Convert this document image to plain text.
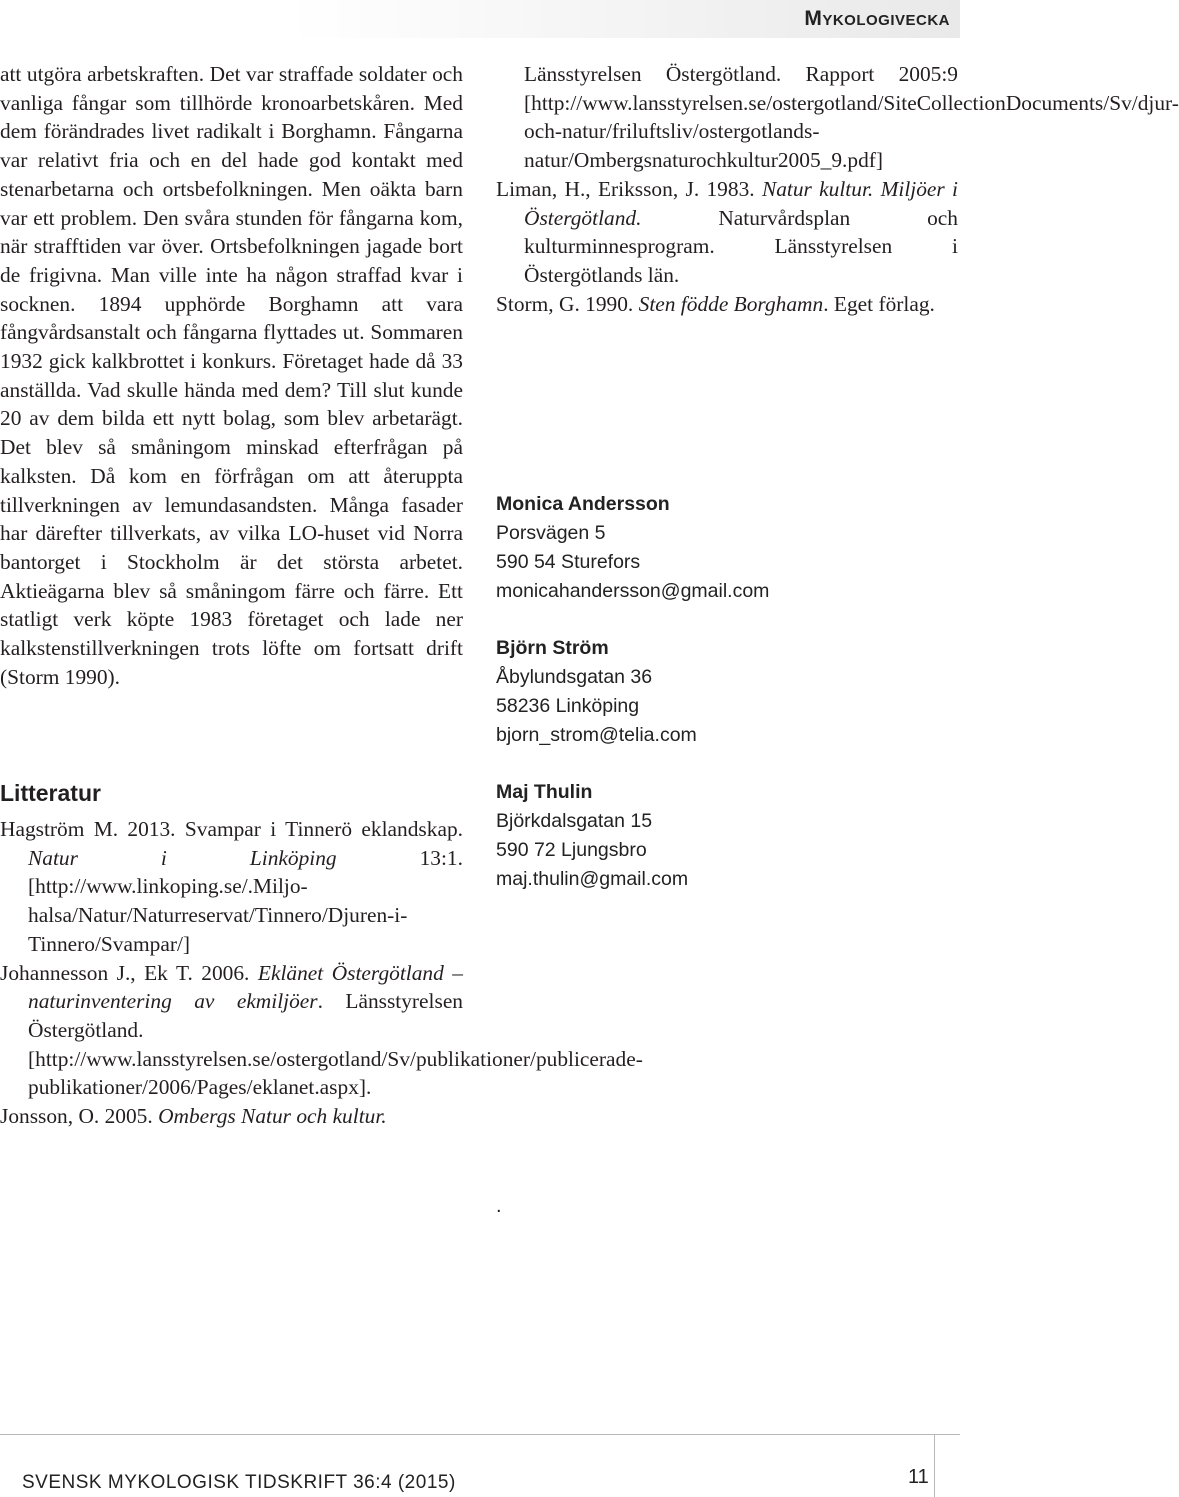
Mykologivecka

att utgöra arbetskraften. Det var straffade soldater och vanliga fångar som tillhörde kronoarbetskåren. Med dem förändrades livet radikalt i Borghamn. Fångarna var relativt fria och en del hade god kontakt med stenarbetarna och ortsbefolkningen. Men oäkta barn var ett problem. Den svåra stunden för fångarna kom, när strafftiden var över. Ortsbefolkningen jagade bort de frigivna. Man ville inte ha någon straffad kvar i socknen. 1894 upphörde Borghamn att vara fångvårdsanstalt och fångarna flyttades ut. Sommaren 1932 gick kalkbrottet i konkurs. Företaget hade då 33 anställda. Vad skulle hända med dem? Till slut kunde 20 av dem bilda ett nytt bolag, som blev arbetarägt. Det blev så småningom minskad efterfrågan på kalksten. Då kom en förfrågan om att återuppta tillverkningen av lemundasandsten. Många fasader har därefter tillverkats, av vilka LO-huset vid Norra bantorget i Stockholm är det största arbetet. Aktieägarna blev så småningom färre och färre. Ett statligt verk köpte 1983 företaget och lade ner kalkstenstillverkningen trots löfte om fortsatt drift (Storm 1990).

Litteratur

Hagström M. 2013. Svampar i Tinnerö eklandskap. Natur i Linköping 13:1. [http://www.linkoping.se/.Miljo-halsa/Natur/Naturreservat/Tinnero/Djuren-i-Tinnero/Svampar/]

Johannesson J., Ek T. 2006. Eklänet Östergötland – naturinventering av ekmiljöer. Länsstyrelsen Östergötland. [http://www.lansstyrelsen.se/ostergotland/Sv/publikationer/publicerade-publikationer/2006/Pages/eklanet.aspx].

Jonsson, O. 2005. Ombergs Natur och kultur.

Länsstyrelsen Östergötland. Rapport 2005:9 [http://www.lansstyrelsen.se/ostergotland/SiteCollectionDocuments/Sv/djur-och-natur/friluftsliv/ostergotlands-natur/Ombergsnaturochkultur2005_9.pdf]

Liman, H., Eriksson, J. 1983. Natur kultur. Miljöer i Östergötland. Naturvårdsplan och kulturminnesprogram. Länsstyrelsen i Östergötlands län.

Storm, G. 1990. Sten födde Borghamn. Eget förlag.

Monica Andersson
Porsvägen 5
590 54 Sturefors
monicahandersson@gmail.com
Björn Ström
Åbylundsgatan 36
58236 Linköping
bjorn_strom@telia.com
Maj Thulin
Björkdalsgatan 15
590 72 Ljungsbro
maj.thulin@gmail.com
.
SVENSK MYKOLOGISK TIDSKRIFT 36:4 (2015)	11
